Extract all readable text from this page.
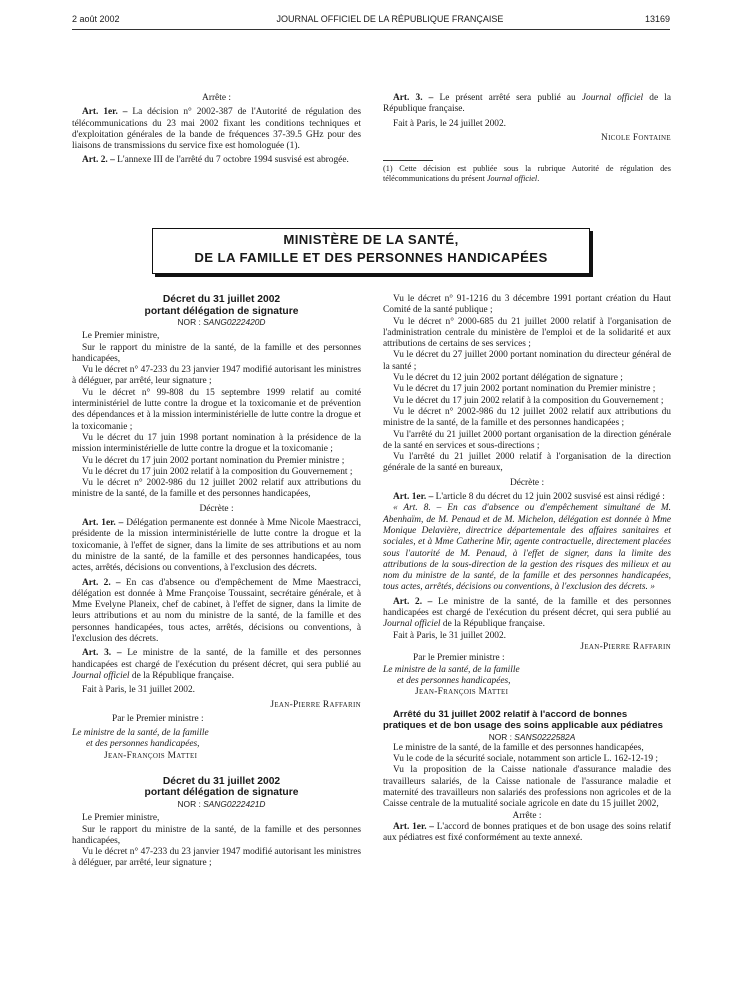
2 août 2002	JOURNAL OFFICIEL DE LA RÉPUBLIQUE FRANÇAISE	13169

Arrête :

Art. 1er. – La décision n° 2002-387 de l'Autorité de régulation des télécommunications du 23 mai 2002 fixant les conditions techniques et d'exploitation générales de la bande de fréquences 37-39.5 GHz pour des liaisons de transmissions du service fixe est homologuée (1).

Art. 2. – L'annexe III de l'arrêté du 7 octobre 1994 susvisé est abrogée.

Art. 3. – Le présent arrêté sera publié au Journal officiel de la République française.

Fait à Paris, le 24 juillet 2002.

Nicole Fontaine

(1) Cette décision est publiée sous la rubrique Autorité de régulation des télécommunications du présent Journal officiel.
MINISTÈRE DE LA SANTÉ,
DE LA FAMILLE ET DES PERSONNES HANDICAPÉES

Décret du 31 juillet 2002

portant délégation de signature

NOR : SANG0222420D

Le Premier ministre,

Sur le rapport du ministre de la santé, de la famille et des personnes handicapées,

Vu le décret n° 47-233 du 23 janvier 1947 modifié autorisant les ministres à déléguer, par arrêté, leur signature ;

Vu le décret n° 99-808 du 15 septembre 1999 relatif au comité interministériel de lutte contre la drogue et la toxicomanie et de prévention des dépendances et à la mission interministérielle de lutte contre la drogue et la toxicomanie ;

Vu le décret du 17 juin 1998 portant nomination à la présidence de la mission interministérielle de lutte contre la drogue et la toxicomanie ;

Vu le décret du 17 juin 2002 portant nomination du Premier ministre ;

Vu le décret du 17 juin 2002 relatif à la composition du Gouvernement ;

Vu le décret n° 2002-986 du 12 juillet 2002 relatif aux attributions du ministre de la santé, de la famille et des personnes handicapées,

Décrète :

Art. 1er. – Délégation permanente est donnée à Mme Nicole Maestracci, présidente de la mission interministérielle de lutte contre la drogue et la toxicomanie, à l'effet de signer, dans la limite de ses attributions et au nom du ministre de la santé, de la famille et des personnes handicapées, tous actes, arrêtés, décisions ou conventions, à l'exclusion des décrets.

Art. 2. – En cas d'absence ou d'empêchement de Mme Maestracci, délégation est donnée à Mme Françoise Toussaint, secrétaire générale, et à Mme Evelyne Planeix, chef de cabinet, à l'effet de signer, dans la limite de leurs attributions et au nom du ministre de la santé, de la famille et des personnes handicapées, tous actes, arrêtés, décisions ou conventions, à l'exclusion des décrets.

Art. 3. – Le ministre de la santé, de la famille et des personnes handicapées est chargé de l'exécution du présent décret, qui sera publié au Journal officiel de la République française.

Fait à Paris, le 31 juillet 2002.

Jean-Pierre Raffarin

Par le Premier ministre :

Le ministre de la santé, de la famille

et des personnes handicapées,

Jean-François Mattei

Décret du 31 juillet 2002

portant délégation de signature

NOR : SANG0222421D

Le Premier ministre,

Sur le rapport du ministre de la santé, de la famille et des personnes handicapées,

Vu le décret n° 47-233 du 23 janvier 1947 modifié autorisant les ministres à déléguer, par arrêté, leur signature ;

Vu le décret n° 91-1216 du 3 décembre 1991 portant création du Haut Comité de la santé publique ;

Vu le décret n° 2000-685 du 21 juillet 2000 relatif à l'organisation de l'administration centrale du ministère de l'emploi et de la solidarité et aux attributions de certains de ses services ;

Vu le décret du 27 juillet 2000 portant nomination du directeur général de la santé ;

Vu le décret du 12 juin 2002 portant délégation de signature ;

Vu le décret du 17 juin 2002 portant nomination du Premier ministre ;

Vu le décret du 17 juin 2002 relatif à la composition du Gouvernement ;

Vu le décret n° 2002-986 du 12 juillet 2002 relatif aux attributions du ministre de la santé, de la famille et des personnes handicapées ;

Vu l'arrêté du 21 juillet 2000 portant organisation de la direction générale de la santé en services et sous-directions ;

Vu l'arrêté du 21 juillet 2000 relatif à l'organisation de la direction générale de la santé en bureaux,

Décrète :

Art. 1er. – L'article 8 du décret du 12 juin 2002 susvisé est ainsi rédigé :

« Art. 8. – En cas d'absence ou d'empêchement simultané de M. Abenhaïm, de M. Penaud et de M. Michelon, délégation est donnée à Mme Monique Delavière, directrice départementale des affaires sanitaires et sociales, et à Mme Catherine Mir, agente contractuelle, directement placées sous l'autorité de M. Penaud, à l'effet de signer, dans la limite des attributions de la sous-direction de la gestion des risques des milieux et au nom du ministre de la santé, de la famille et des personnes handicapées, tous actes, arrêtés, décisions ou conventions, à l'exclusion des décrets. »

Art. 2. – Le ministre de la santé, de la famille et des personnes handicapées est chargé de l'exécution du présent décret, qui sera publié au Journal officiel de la République française.

Fait à Paris, le 31 juillet 2002.

Jean-Pierre Raffarin

Par le Premier ministre :

Le ministre de la santé, de la famille

et des personnes handicapées,

Jean-François Mattei

Arrêté du 31 juillet 2002 relatif à l'accord de bonnes pratiques et de bon usage des soins applicable aux pédiatres

NOR : SANS0222582A

Le ministre de la santé, de la famille et des personnes handicapées,

Vu le code de la sécurité sociale, notamment son article L. 162-12-19 ;

Vu la proposition de la Caisse nationale d'assurance maladie des travailleurs salariés, de la Caisse nationale de l'assurance maladie et maternité des travailleurs non salariés des professions non agricoles et de la Caisse centrale de la mutualité sociale agricole en date du 15 juillet 2002,

Arrête :

Art. 1er. – L'accord de bonnes pratiques et de bon usage des soins relatif aux pédiatres est fixé conformément au texte annexé.
